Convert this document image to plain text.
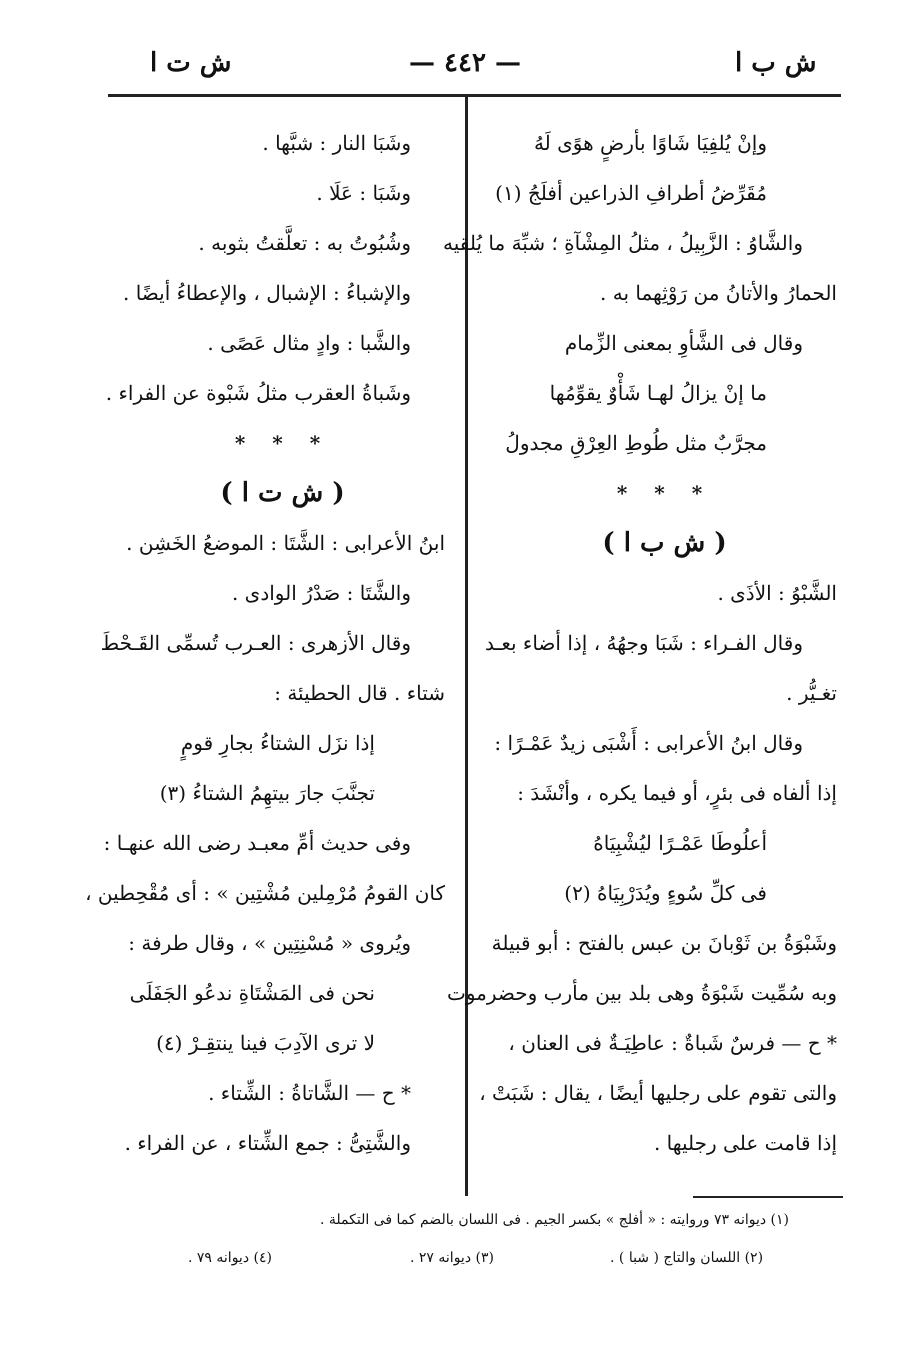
ش ت ا	— ٤٤٢ —	ش ب ا
وإنْ يُلفِيَا شَاوًا بأرضٍ هوًى لَهُ
مُقَرِّضُ أطرافِ الذراعين أفلَجُ (١)
والشَّاوُ : الزَّبِيلُ ، مثلُ المِشْآةِ ؛ شبِّهَ ما يُلقيه
الحمارُ والأتانُ من رَوْثِهما به .
وقال فى الشَّأوِ بمعنى الزِّمام
ما إنْ يزالُ لهـا شَأْوٌ يقوِّمُها
مجرَّبٌ مثل طُوطِ العِرْقِ مجدولُ
* * *
( ش ب ا )
الشَّبْوُ : الأذَى .
وقال الفـراء : شَبَا وجهُهُ ، إذا أضاء بعـد
تغـيُّر .
وقال ابنُ الأعرابى : أَشْبَى زيدٌ عَمْـرًا :
إذا ألفاه فى بئرٍ، أو فيما يكره ، وأنْشَدَ :
أعلُوطَا عَمْـرًا ليُشْبِيَاهُ
فى كلِّ سُوءٍ ويُدَرْبِيَاهُ (٢)
وشَبْوَةُ بن ثَوْبانَ بن عبس بالفتح : أبو قبيلة
وبه سُمِّيت شَبْوَةُ وهى بلد بين مأرب وحضرموت
* ح — فرسٌ شَباةٌ : عاطِيَـةٌ فى العنان ،
والتى تقوم على رجليها أيضًا ، يقال : شَبَتْ ،
إذا قامت على رجليها .
وشَبَا النار : شبَّها .
وشَبَا : عَلَا .
وشُبُوتُ به : تعلَّقتُ بثوبه .
والإشباءُ : الإشبال ، والإعطاءُ أيضًا .
والشَّبا : وادٍ مثال عَصًى .
وشَباةُ العقرب مثلُ شَبْوة عن الفراء .
* * *
( ش ت ا )
ابنُ الأعرابى : الشَّتَا : الموضعُ الخَشِن .
والشَّتَا : صَدْرُ الوادى .
وقال الأزهرى : العـرب تُسمِّى القَـحْطَ
شتاء . قال الحطيئة :
إذا نزَل الشتاءُ بجارِ قومٍ
تجنَّبَ جارَ بيتهِمُ الشتاءُ (٣)
وفى حديث أمِّ معبـد رضى الله عنهـا :
كان القومُ مُرْمِلين مُشْتِين » : أى مُقْحِطين ،
ويُروى « مُسْنِتِين » ، وقال طرفة :
نحن فى المَشْتَاةِ ندعُو الجَفَلَى
لا ترى الآدِبَ فينا ينتقِـرْ (٤)
* ح — الشَّاتاةُ : الشِّتاء .
والشَّتِىُّ : جمع الشِّتاء ، عن الفراء .
(١) ديوانه ٧٣ وروايته : « أفلج » بكسر الجيم . فى اللسان بالضم كما فى التكملة .
(٢) اللسان والتاج ( شبا ) .
(٣) ديوانه ٢٧ .
(٤) ديوانه ٧٩ .
